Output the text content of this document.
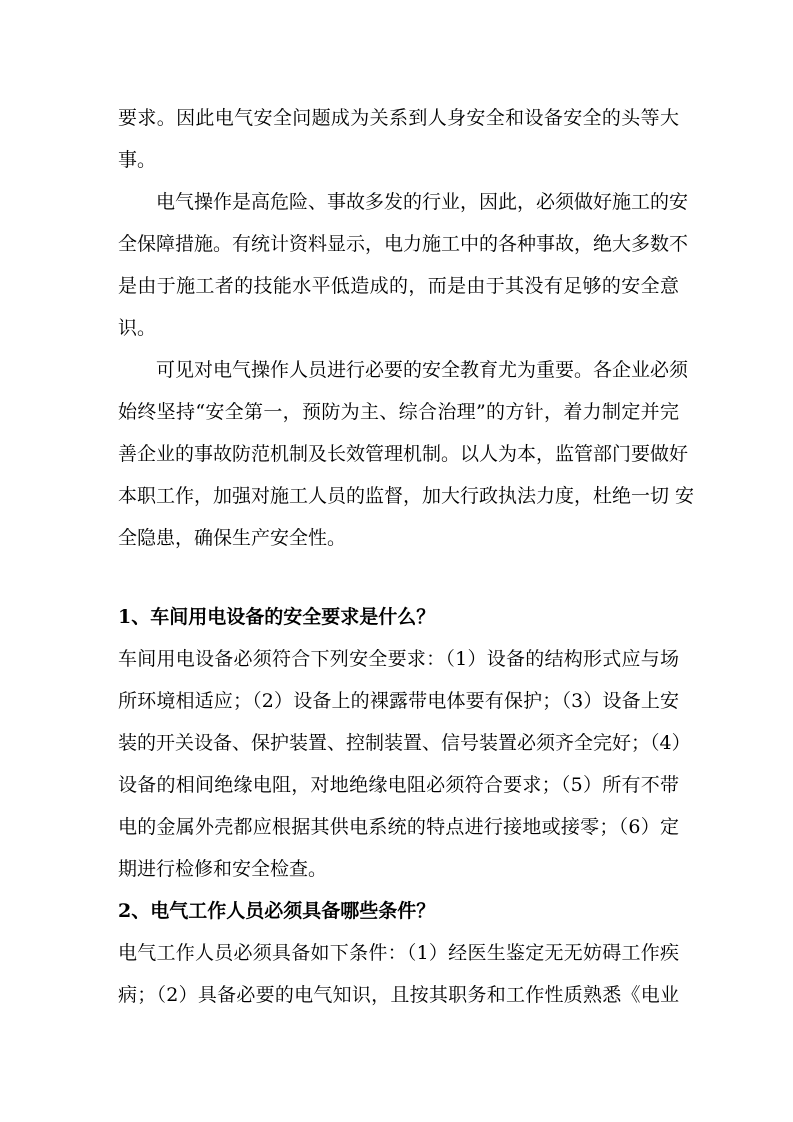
要求。因此电气安全问题成为关系到人身安全和设备安全的头等大
事。
电气操作是高危险、事故多发的行业，因此，必须做好施工的安
全保障措施。有统计资料显示，电力施工中的各种事故，绝大多数不
是由于施工者的技能水平低造成的，而是由于其没有足够的安全意
识。
可见对电气操作人员进行必要的安全教育尤为重要。各企业必须
始终坚持“安全第一，预防为主、综合治理”的方针，着力制定并完
善企业的事故防范机制及长效管理机制。以人为本，监管部门要做好
本职工作，加强对施工人员的监督，加大行政执法力度，杜绝一切 安
全隐患，确保生产安全性。
1、车间用电设备的安全要求是什么？
车间用电设备必须符合下列安全要求：（1）设备的结构形式应与场
所环境相适应；（2）设备上的裸露带电体要有保护；（3）设备上安
装的开关设备、保护装置、控制装置、信号装置必须齐全完好；（4）
设备的相间绝缘电阻，对地绝缘电阻必须符合要求；（5）所有不带
电的金属外壳都应根据其供电系统的特点进行接地或接零；（6）定
期进行检修和安全检查。
2、电气工作人员必须具备哪些条件？
电气工作人员必须具备如下条件：（1）经医生鉴定无无妨碍工作疾
病；（2）具备必要的电气知识，且按其职务和工作性质熟悉《电业
